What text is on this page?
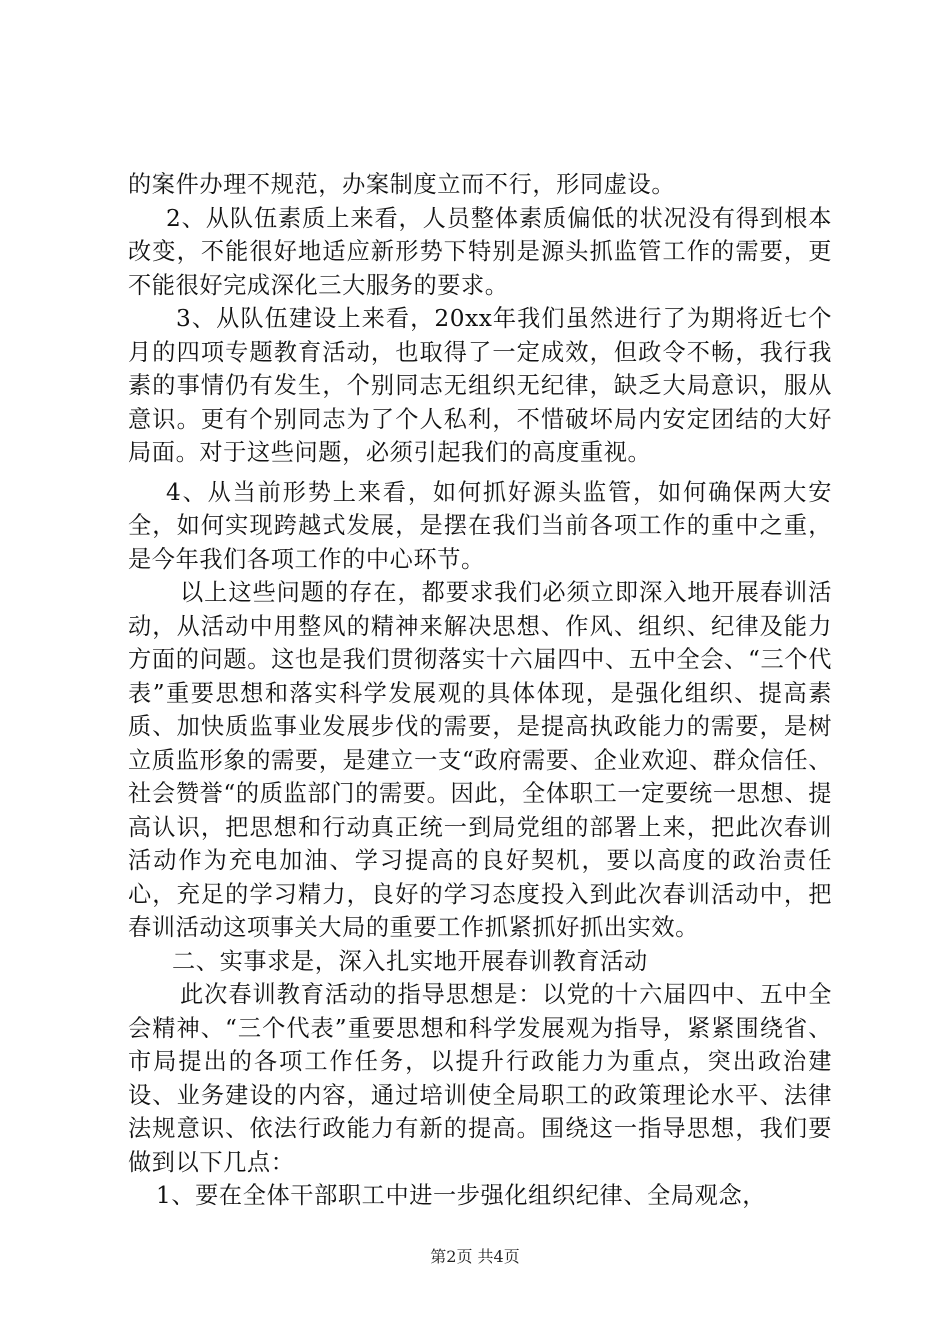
的案件办理不规范，办案制度立而不行，形同虚设。

2、从队伍素质上来看，人员整体素质偏低的状况没有得到根本改变，不能很好地适应新形势下特别是源头抓监管工作的需要，更不能很好完成深化三大服务的要求。

3、从队伍建设上来看，20xx年我们虽然进行了为期将近七个月的四项专题教育活动，也取得了一定成效，但政令不畅，我行我素的事情仍有发生，个别同志无组织无纪律，缺乏大局意识，服从意识。更有个别同志为了个人私利，不惜破坏局内安定团结的大好局面。对于这些问题，必须引起我们的高度重视。

4、从当前形势上来看，如何抓好源头监管，如何确保两大安全，如何实现跨越式发展，是摆在我们当前各项工作的重中之重，是今年我们各项工作的中心环节。

以上这些问题的存在，都要求我们必须立即深入地开展春训活动，从活动中用整风的精神来解决思想、作风、组织、纪律及能力方面的问题。这也是我们贯彻落实十六届四中、五中全会、“三个代表”重要思想和落实科学发展观的具体体现，是强化组织、提高素质、加快质监事业发展步伐的需要，是提高执政能力的需要，是树立质监形象的需要，是建立一支“政府需要、企业欢迎、群众信任、社会赞誉“的质监部门的需要。因此，全体职工一定要统一思想、提高认识，把思想和行动真正统一到局党组的部署上来，把此次春训活动作为充电加油、学习提高的良好契机，要以高度的政治责任心，充足的学习精力，良好的学习态度投入到此次春训活动中，把春训活动这项事关大局的重要工作抓紧抓好抓出实效。

二、实事求是，深入扎实地开展春训教育活动

此次春训教育活动的指导思想是：以党的十六届四中、五中全会精神、“三个代表”重要思想和科学发展观为指导，紧紧围绕省、市局提出的各项工作任务，以提升行政能力为重点，突出政治建设、业务建设的内容，通过培训使全局职工的政策理论水平、法律法规意识、依法行政能力有新的提高。围绕这一指导思想，我们要做到以下几点：

1、要在全体干部职工中进一步强化组织纪律、全局观念，

第2页 共4页
